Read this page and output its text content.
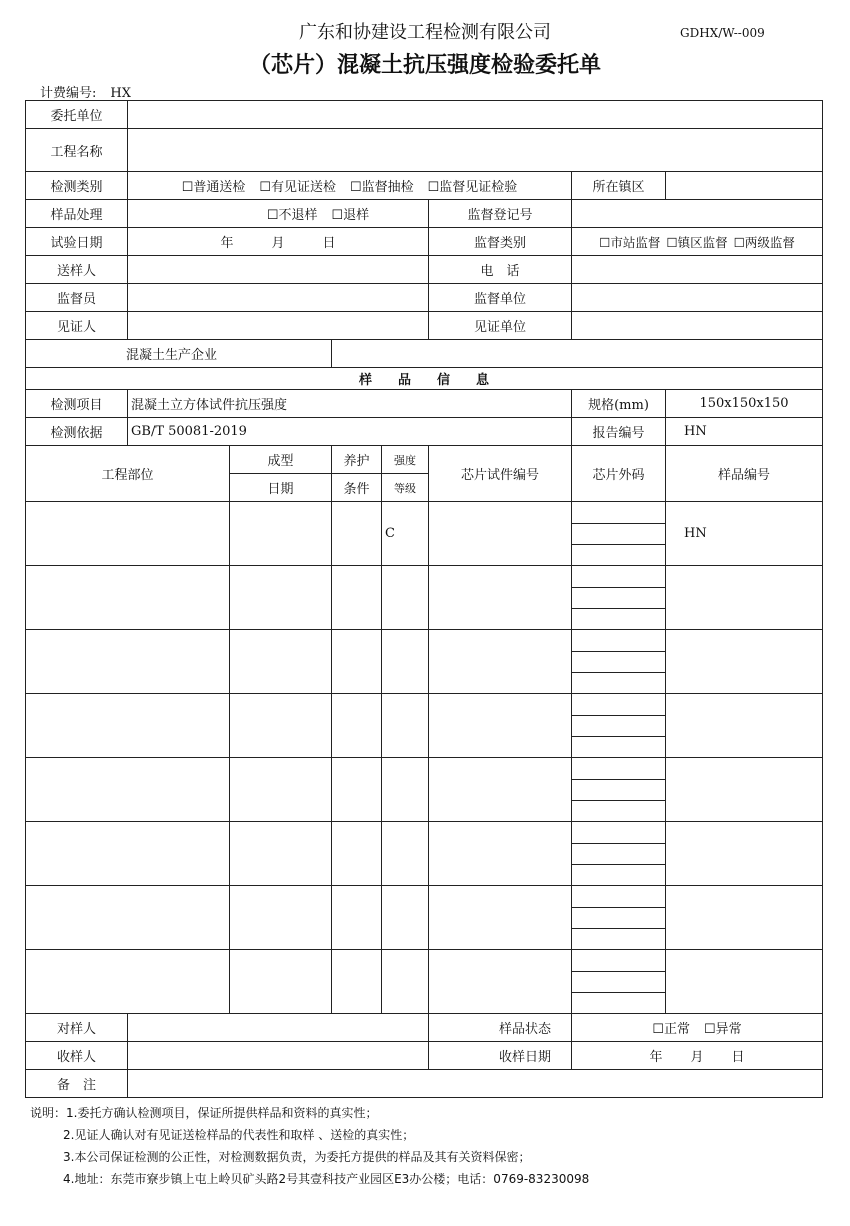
广东和协建设工程检测有限公司	GDHX/W--009
（芯片）混凝土抗压强度检验委托单
计费编号: HX
委托单位	
工程名称	
检测类别	☐普通送检 ☐有见证送检 ☐监督抽检 ☐监督见证检验	所在镇区	
样品处理	☐不退样 ☐退样	监督登记号	
试验日期	年	月	日	监督类别	☐市站监督 ☐镇区监督 ☐两级监督
送样人		电　话	
监督员		监督单位	
见证人		见证单位	
混凝土生产企业	
样　　品　　信　　息
检测项目	混凝土立方体试件抗压强度	规格(mm)	150x150x150
检测依据	GB/T 50081-2019	报告编号	HN
工程部位	成型	养护	强度	芯片试件编号	芯片外码	样品编号
日期	条件	等级
			C			HN

对样人		样品状态	☐正常 ☐异常
收样人		收样日期	年 月 日
备　注	
说明：1.委托方确认检测项目，保证所提供样品和资料的真实性；
2.见证人确认对有见证送检样品的代表性和取样 、送检的真实性；
3.本公司保证检测的公正性，对检测数据负责，为委托方提供的样品及其有关资料保密；
4.地址：东莞市寮步镇上屯上岭贝矿头路2号其壹科技产业园区E3办公楼；电话：0769-83230098
